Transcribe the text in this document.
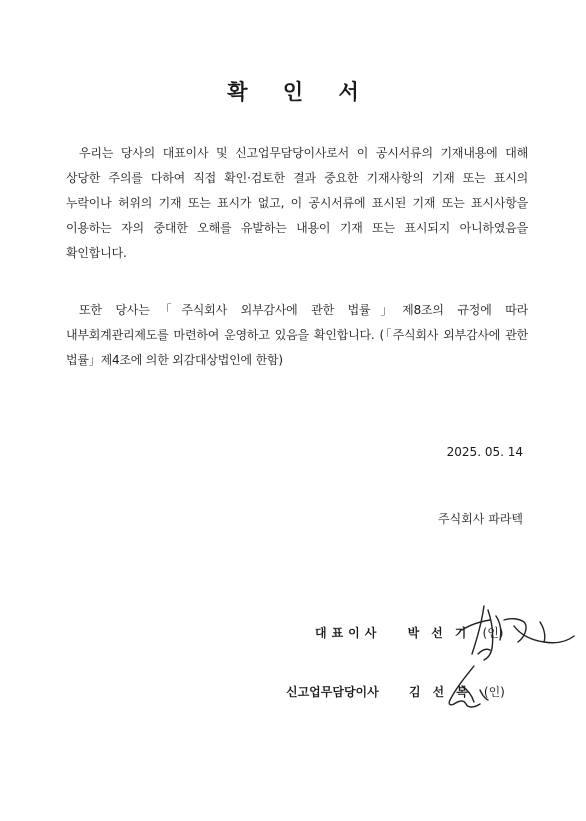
확 인 서

우리는 당사의 대표이사 및 신고업무담당이사로서 이 공시서류의 기재내용에 대해 상당한 주의를 다하여 직접 확인·검토한 결과 중요한 기재사항의 기재 또는 표시의 누락이나 허위의 기재 또는 표시가 없고, 이 공시서류에 표시된 기재 또는 표시사항을 이용하는 자의 중대한 오해를 유발하는 내용이 기재 또는 표시되지 아니하였음을 확인합니다.

또한 당사는「주식회사 외부감사에 관한 법률」제8조의 규정에 따라 내부회계관리제도를 마련하여 운영하고 있음을 확인합니다. (「주식회사 외부감사에 관한 법률」제4조에 의한 외감대상법인에 한함)

2025. 05. 14
주식회사 파라텍
대표이사 박선기 (인)
신고업무담당이사	김선복 (인)
